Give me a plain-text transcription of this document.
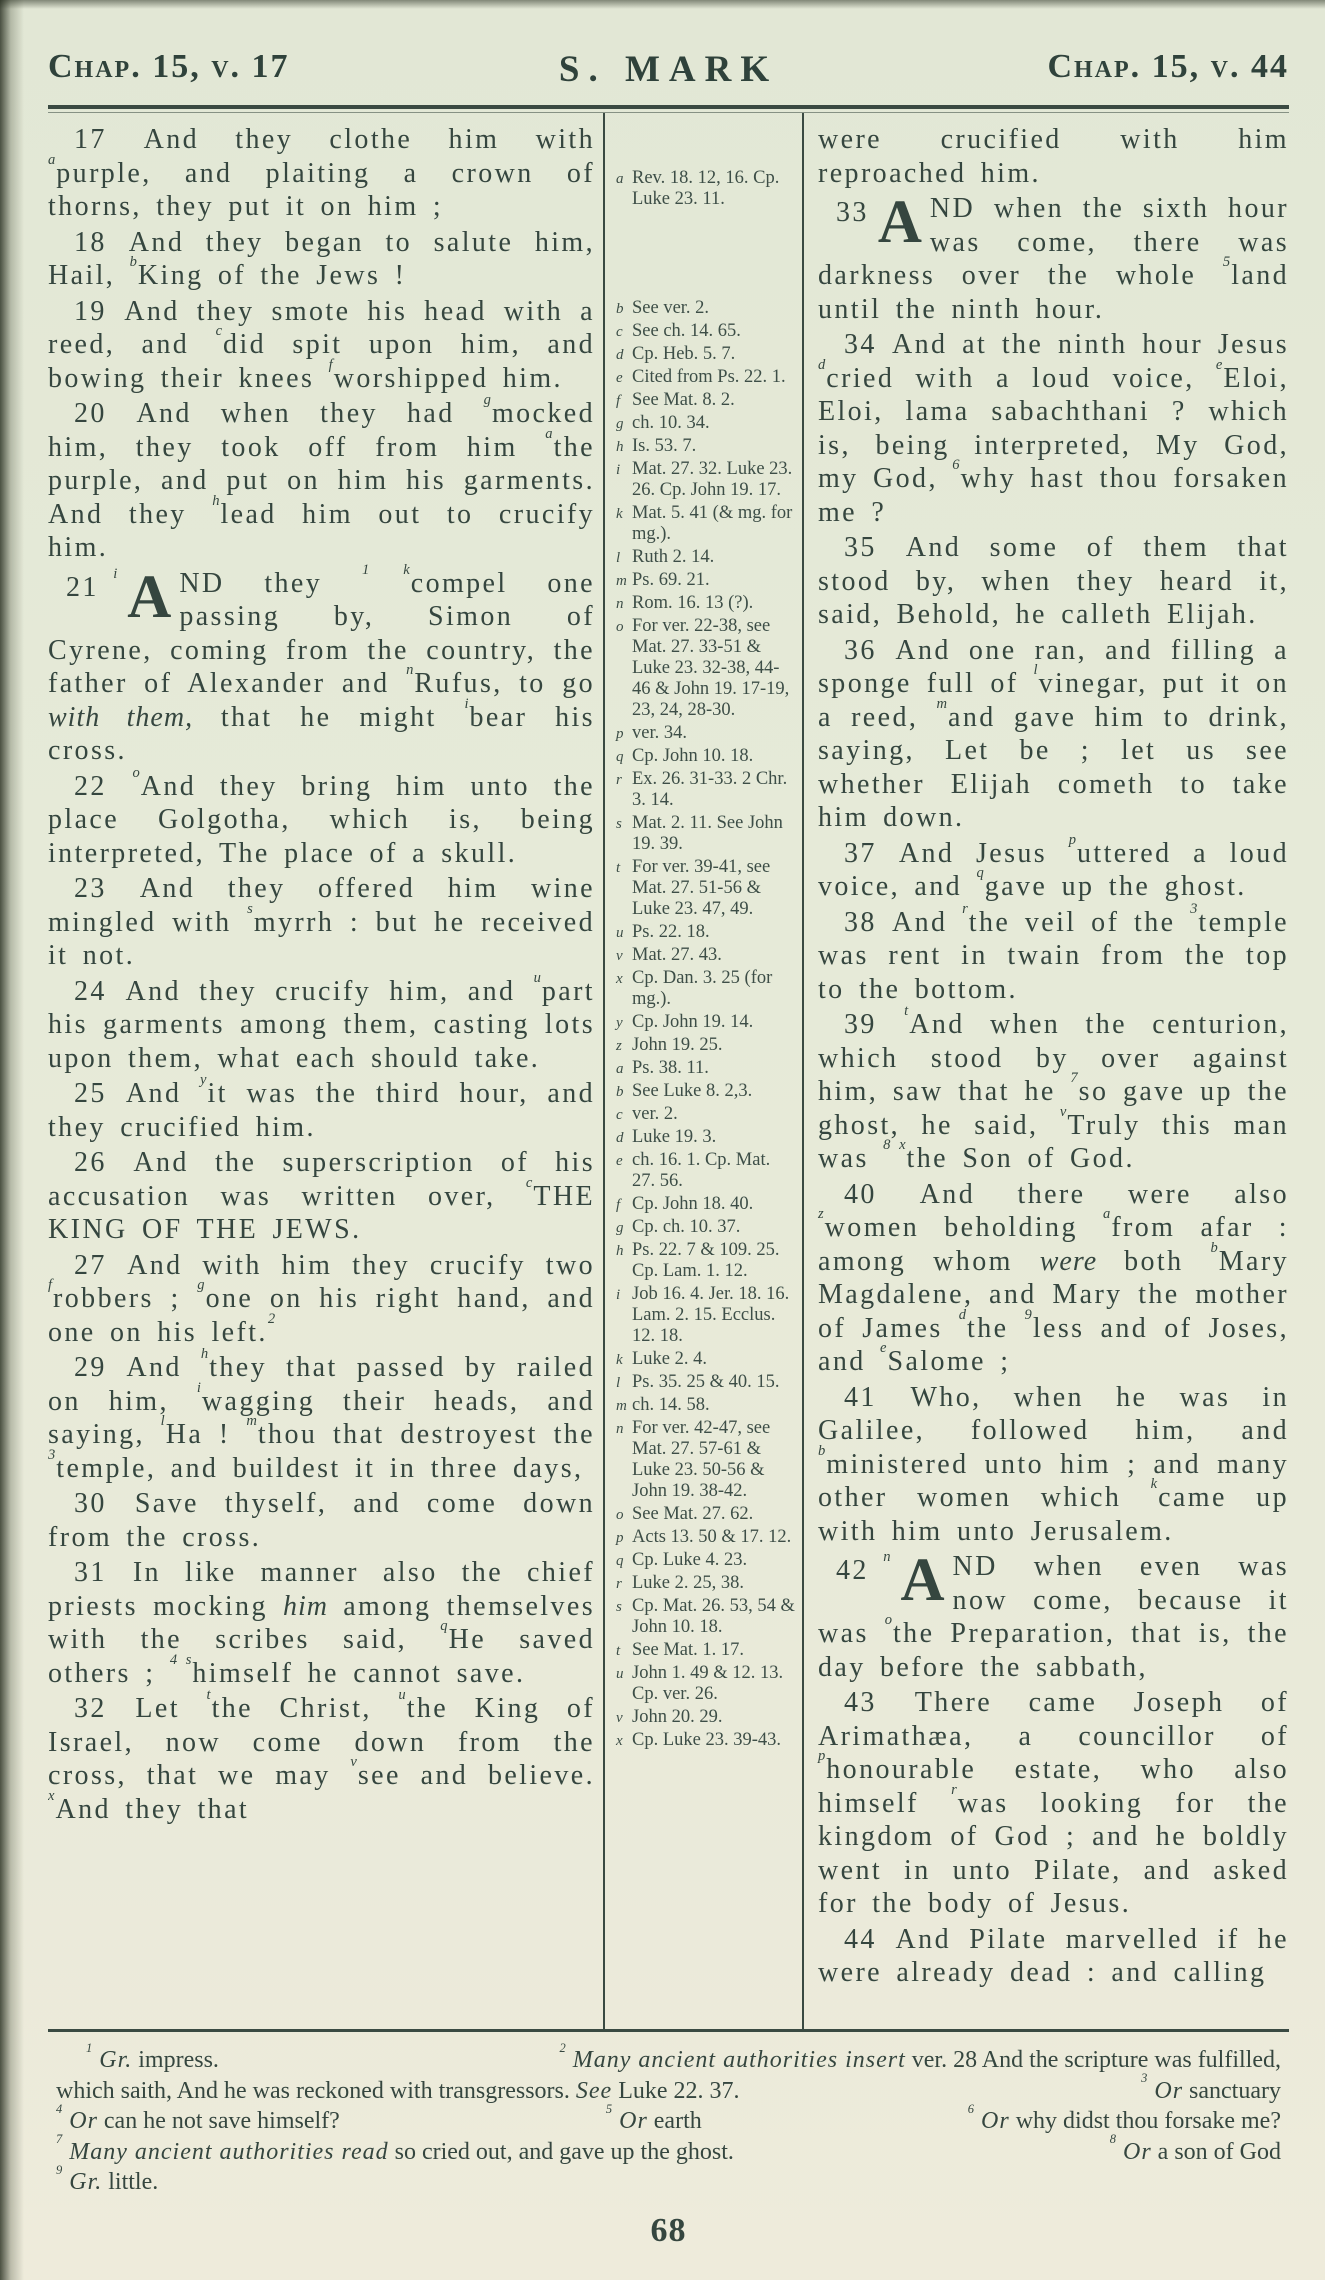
Chap. 15, v. 17	S. MARK	Chap. 15, v. 44

17 And they clothe him with $^a$purple, and plaiting a crown of thorns, they put it on him ;

18 And they began to salute him, Hail, $^b$King of the Jews !

19 And they smote his head with a reed, and $^c$did spit upon him, and bowing their knees $^f$worshipped him.

20 And when they had $^g$mocked him, they took off from him $^a$the purple, and put on him his garments. And they $^h$lead him out to crucify him.

21 $^i$ A ND they $^{1 k}$compel one passing by, Simon of Cyrene, coming from the country, the father of Alexander and $^n$Rufus, to go with them, that he might $^i$bear his cross.

22 $^o$And they bring him unto the place Golgotha, which is, being interpreted, The place of a skull.

23 And they offered him wine mingled with $^s$myrrh : but he received it not.

24 And they crucify him, and $^u$part his garments among them, casting lots upon them, what each should take.

25 And $^y$it was the third hour, and they crucified him.

26 And the superscription of his accusation was written over, $^c$THE KING OF THE JEWS.

27 And with him they crucify two $^f$robbers ; $^g$one on his right hand, and one on his left.$^2$

29 And $^h$they that passed by railed on him, $^i$wagging their heads, and saying, $^l$Ha ! $^m$thou that destroyest the $^3$temple, and buildest it in three days,

30 Save thyself, and come down from the cross.

31 In like manner also the chief priests mocking him among themselves with the scribes said, $^q$He saved others ; $^{4 s}$himself he cannot save.

32 Let $^t$the Christ, $^u$the King of Israel, now come down from the cross, that we may $^v$see and believe. $^x$And they that

a Rev. 18. 12, 16. Cp. Luke 23. 11.
b See ver. 2.
c See ch. 14. 65.
d Cp. Heb. 5. 7.
e Cited from Ps. 22. 1.
f See Mat. 8. 2.
g ch. 10. 34.
h Is. 53. 7.
i Mat. 27. 32. Luke 23. 26. Cp. John 19. 17.
k Mat. 5. 41 (& mg. for mg.).
l Ruth 2. 14.
m Ps. 69. 21.
n Rom. 16. 13 (?).
o For ver. 22-38, see Mat. 27. 33-51 & Luke 23. 32-38, 44-46 & John 19. 17-19, 23, 24, 28-30.
p ver. 34.
q Cp. John 10. 18.
r Ex. 26. 31-33. 2 Chr. 3. 14.
s Mat. 2. 11. See John 19. 39.
t For ver. 39-41, see Mat. 27. 51-56 & Luke 23. 47, 49.
u Ps. 22. 18.
v Mat. 27. 43.
x Cp. Dan. 3. 25 (for mg.).
y Cp. John 19. 14.
z John 19. 25.
a Ps. 38. 11.
b See Luke 8. 2,3.
c ver. 2.
d Luke 19. 3.
e ch. 16. 1. Cp. Mat. 27. 56.
f Cp. John 18. 40.
g Cp. ch. 10. 37.
h Ps. 22. 7 & 109. 25. Cp. Lam. 1. 12.
i Job 16. 4. Jer. 18. 16. Lam. 2. 15. Ecclus. 12. 18.
k Luke 2. 4.
l Ps. 35. 25 & 40. 15.
m ch. 14. 58.
n For ver. 42-47, see Mat. 27. 57-61 & Luke 23. 50-56 & John 19. 38-42.
o See Mat. 27. 62.
p Acts 13. 50 & 17. 12.
q Cp. Luke 4. 23.
r Luke 2. 25, 38.
s Cp. Mat. 26. 53, 54 & John 10. 18.
t See Mat. 1. 17.
u John 1. 49 & 12. 13. Cp. ver. 26.
v John 20. 29.
x Cp. Luke 23. 39-43.

were crucified with him reproached him.

33 A ND when the sixth hour was come, there was darkness over the whole $^5$land until the ninth hour.

34 And at the ninth hour Jesus $^d$cried with a loud voice, $^e$Eloi, Eloi, lama sabachthani ? which is, being interpreted, My God, my God, $^6$why hast thou forsaken me ?

35 And some of them that stood by, when they heard it, said, Behold, he calleth Elijah.

36 And one ran, and filling a sponge full of $^l$vinegar, put it on a reed, $^m$and gave him to drink, saying, Let be ; let us see whether Elijah cometh to take him down.

37 And Jesus $^p$uttered a loud voice, and $^q$gave up the ghost.

38 And $^r$the veil of the $^3$temple was rent in twain from the top to the bottom.

39 $^t$And when the centurion, which stood by over against him, saw that he $^7$so gave up the ghost, he said, $^v$Truly this man was $^{8 x}$the Son of God.

40 And there were also $^z$women beholding $^a$from afar : among whom were both $^b$Mary Magdalene, and Mary the mother of James $^d$the $^9$less and of Joses, and $^e$Salome ;

41 Who, when he was in Galilee, followed him, and $^b$ministered unto him ; and many other women which $^k$came up with him unto Jerusalem.

42 $^n$ A ND when even was now come, because it was $^o$the Preparation, that is, the day before the sabbath,

43 There came Joseph of Arimathæa, a councillor of $^p$honourable estate, who also himself $^r$was looking for the kingdom of God ; and he boldly went in unto Pilate, and asked for the body of Jesus.

44 And Pilate marvelled if he were already dead : and calling

$^1$ Gr. impress.	$^2$ Many ancient authorities insert ver. 28 And the scripture was fulfilled,
which saith, And he was reckoned with transgressors. See Luke 22. 37.	$^3$ Or sanctuary
$^4$ Or can he not save himself?	$^5$ Or earth	$^6$ Or why didst thou forsake me?
$^7$ Many ancient authorities read so cried out, and gave up the ghost.	$^8$ Or a son of God
$^9$ Gr. little.
68
